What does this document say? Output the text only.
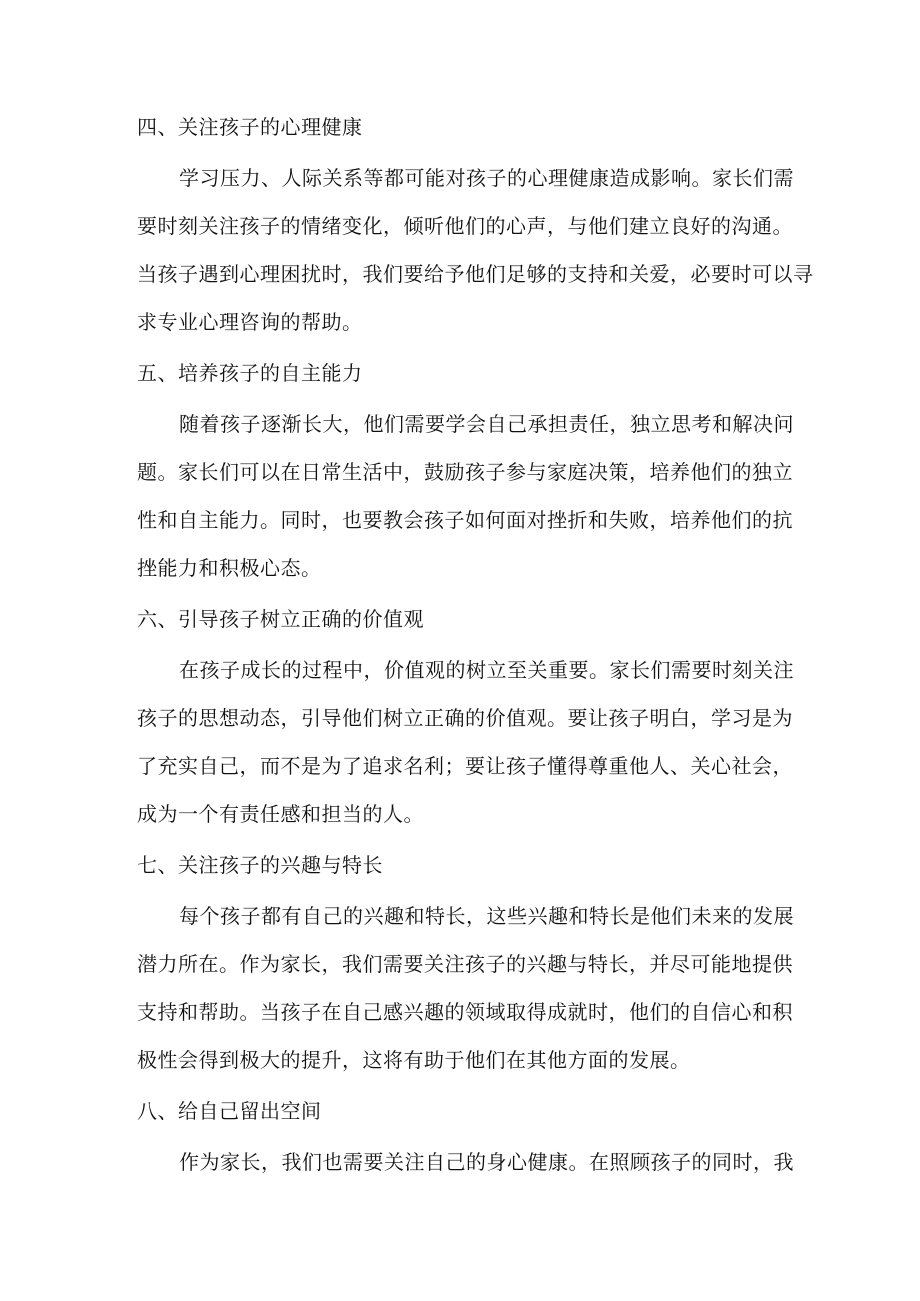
四、关注孩子的心理健康

学习压力、人际关系等都可能对孩子的心理健康造成影响。家长们需
要时刻关注孩子的情绪变化，倾听他们的心声，与他们建立良好的沟通。
当孩子遇到心理困扰时，我们要给予他们足够的支持和关爱，必要时可以寻
求专业心理咨询的帮助。

五、培养孩子的自主能力

随着孩子逐渐长大，他们需要学会自己承担责任，独立思考和解决问
题。家长们可以在日常生活中，鼓励孩子参与家庭决策，培养他们的独立
性和自主能力。同时，也要教会孩子如何面对挫折和失败，培养他们的抗
挫能力和积极心态。

六、引导孩子树立正确的价值观

在孩子成长的过程中，价值观的树立至关重要。家长们需要时刻关注
孩子的思想动态，引导他们树立正确的价值观。要让孩子明白，学习是为
了充实自己，而不是为了追求名利；要让孩子懂得尊重他人、关心社会，
成为一个有责任感和担当的人。

七、关注孩子的兴趣与特长

每个孩子都有自己的兴趣和特长，这些兴趣和特长是他们未来的发展
潜力所在。作为家长，我们需要关注孩子的兴趣与特长，并尽可能地提供
支持和帮助。当孩子在自己感兴趣的领域取得成就时，他们的自信心和积
极性会得到极大的提升，这将有助于他们在其他方面的发展。

八、给自己留出空间

作为家长，我们也需要关注自己的身心健康。在照顾孩子的同时，我
